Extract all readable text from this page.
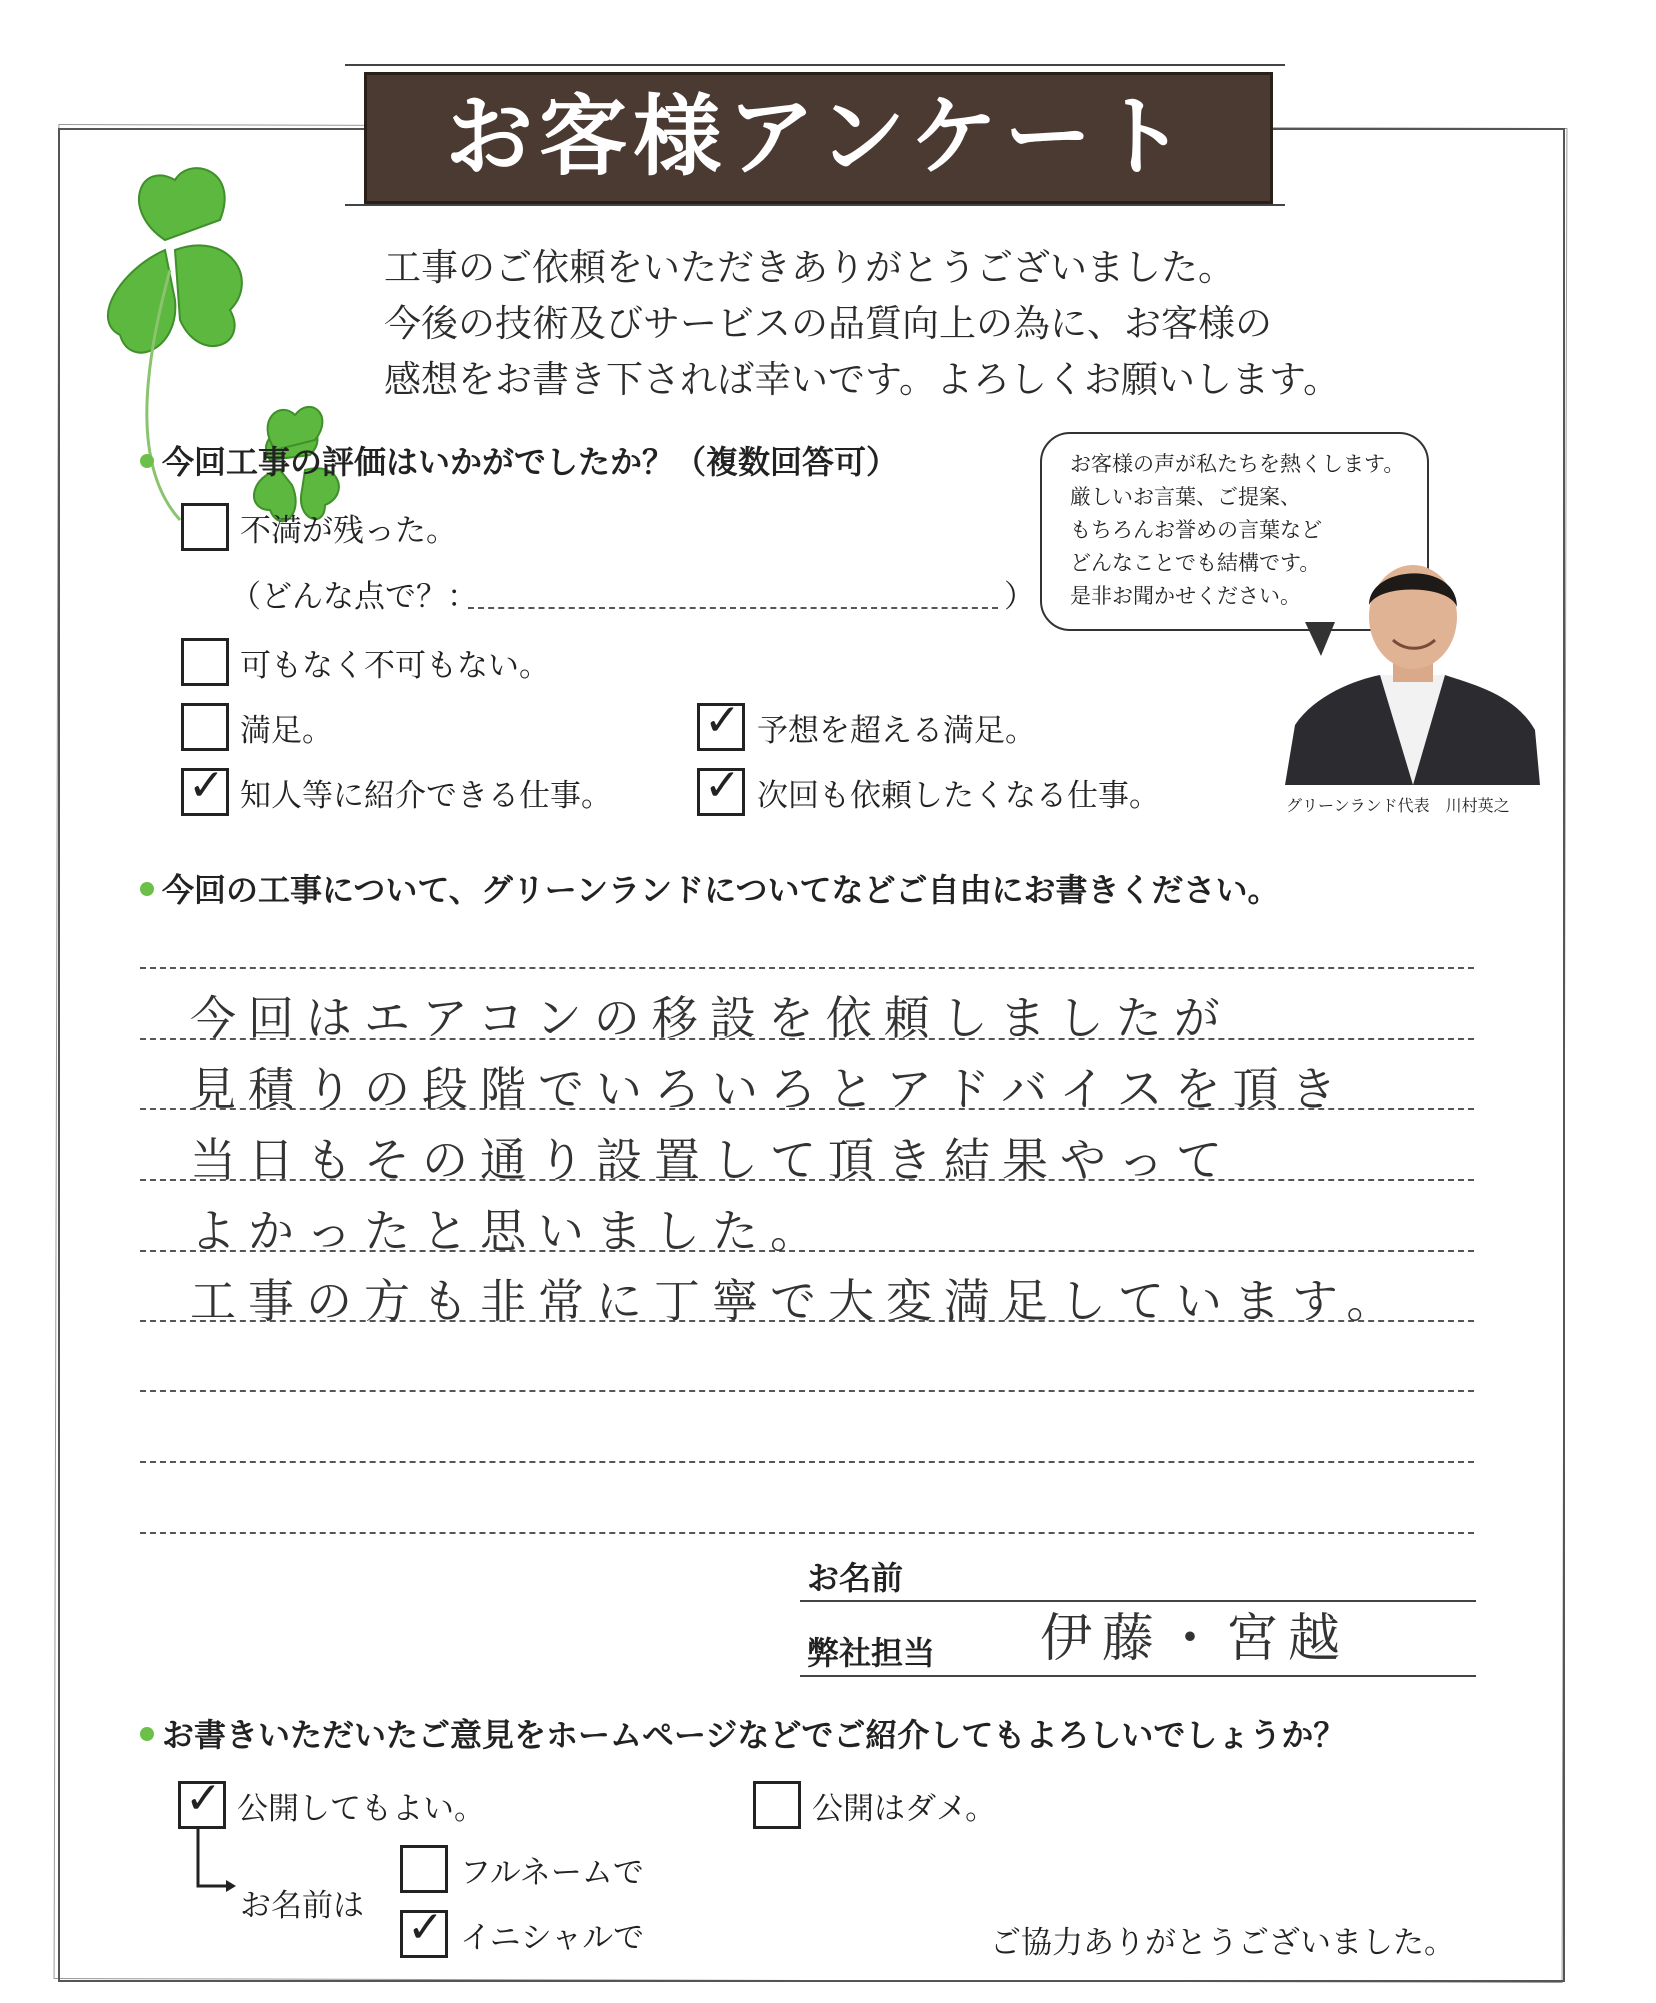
お客様アンケート
工事のご依頼をいただきありがとうございました。
今後の技術及びサービスの品質向上の為に、お客様の
感想をお書き下されば幸いです。よろしくお願いします。
今回工事の評価はいかがでしたか？（複数回答可）
不満が残った。
（どんな点で？：	）
可もなく不可もない。
満足。	✓ 予想を超える満足。
✓ 知人等に紹介できる仕事。 ✓ 次回も依頼したくなる仕事。
お客様の声が私たちを熱くします。
厳しいお言葉、ご提案、
もちろんお誉めの言葉など
どんなことでも結構です。
是非お聞かせください。
グリーンランド代表　川村英之
今回の工事について、グリーンランドについてなどご自由にお書きください。
今回はエアコンの移設を依頼しましたが
見積りの段階でいろいろとアドバイスを頂き
当日もその通り設置して頂き結果やって
よかったと思いました。
工事の方も非常に丁寧で大変満足しています。
お名前
弊社担当 伊藤・宮越
お書きいただいたご意見をホームページなどでご紹介してもよろしいでしょうか？
✓ 公開してもよい。	公開はダメ。
お名前は
フルネームで
✓ イニシャルで	ご協力ありがとうございました。
